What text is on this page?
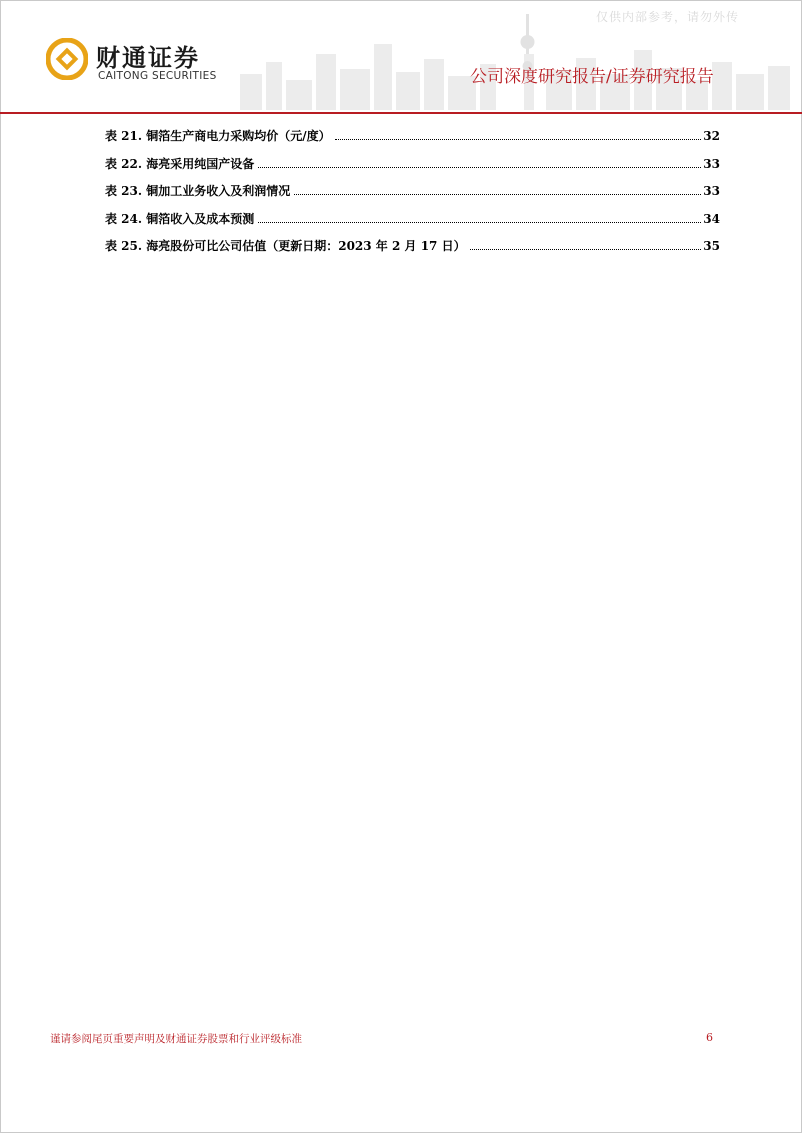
仅供内部参考，请勿外传
财通证券
CAITONG SECURITIES	公司深度研究报告/证券研究报告
表 21. 铜箔生产商电力采购均价（元/度）	32
表 22. 海亮采用纯国产设备	33
表 23. 铜加工业务收入及利润情况	33
表 24. 铜箔收入及成本预测	34
表 25. 海亮股份可比公司估值（更新日期：2023 年 2 月 17 日）	35
谨请参阅尾页重要声明及财通证券股票和行业评级标准	6
